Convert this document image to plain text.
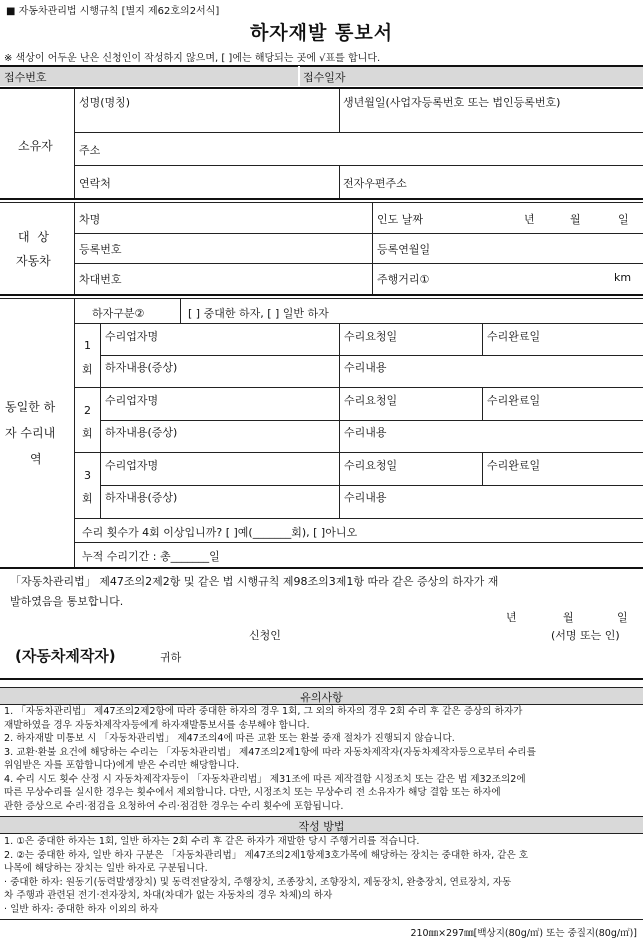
■ 자동차관리법 시행규칙 [별지 제62호의2서식]
하자재발 통보서
※ 색상이 어두운 난은 신청인이 작성하지 않으며, [ ]에는 해당되는 곳에 √표를 합니다.
접수번호	접수일자
소유자
성명(명칭)	생년월일(사업자등록번호 또는 법인등록번호)
주소
연락처	전자우편주소
대 상
자동차
차명	인도 날짜	년	월	일
등록번호	등록연월일
차대번호	주행거리①	km
동일한 하
자 수리내
역
하자구분②	[ ] 중대한 하자, [ ] 일반 하자
1
회
수리업자명	수리요청일	수리완료일
하자내용(증상)	수리내용
2
회
수리업자명	수리요청일	수리완료일
하자내용(증상)	수리내용
3
회
수리업자명	수리요청일	수리완료일
하자내용(증상)	수리내용
수리 횟수가 4회 이상입니까? [ ]예(_______회), [ ]아니오
누적 수리기간 : 총_______일
「자동차관리법」 제47조의2제2항 및 같은 법 시행규칙 제98조의3제1항 따라 같은 증상의 하자가 재
발하였음을 통보합니다.
년	월	일
신청인	(서명 또는 인)
(자동차제작자)	귀하
유의사항
1. 「자동차관리법」 제47조의2제2항에 따라 중대한 하자의 경우 1회, 그 외의 하자의 경우 2회 수리 후 같은 증상의 하자가
재발하였을 경우 자동차제작자등에게 하자재발통보서를 송부해야 합니다.
2. 하자재발 미통보 시 「자동차관리법」 제47조의4에 따른 교환 또는 환불 중재 절차가 진행되지 않습니다.
3. 교환·환불 요건에 해당하는 수리는 「자동차관리법」 제47조의2제1항에 따라 자동차제작자(자동차제작자등으로부터 수리를
위임받은 자를 포함합니다)에게 받은 수리만 해당합니다.
4. 수리 시도 횟수 산정 시 자동차제작자등이 「자동차관리법」 제31조에 따른 제작결함 시정조치 또는 같은 법 제32조의2에
따른 무상수리를 실시한 경우는 횟수에서 제외합니다. 다만, 시정조치 또는 무상수리 전 소유자가 해당 결함 또는 하자에
관한 증상으로 수리·점검을 요청하여 수리·점검한 경우는 수리 횟수에 포함됩니다.
작성 방법
1. ①은 중대한 하자는 1회, 일반 하자는 2회 수리 후 같은 하자가 재발한 당시 주행거리를 적습니다.
2. ②는 중대한 하자, 일반 하자 구분은 「자동차관리법」 제47조의2제1항제3호가목에 해당하는 장치는 중대한 하자, 같은 호
나목에 해당하는 장치는 일반 하자로 구분됩니다.
· 중대한 하자: 원동기(동력발생장치) 및 동력전달장치, 주행장치, 조종장치, 조향장치, 제동장치, 완충장치, 연료장치, 자동
차 주행과 관련된 전기·전자장치, 차대(차대가 없는 자동차의 경우 차체)의 하자
· 일반 하자: 중대한 하자 이외의 하자
210㎜×297㎜[백상지(80g/㎡) 또는 중질지(80g/㎡)]
